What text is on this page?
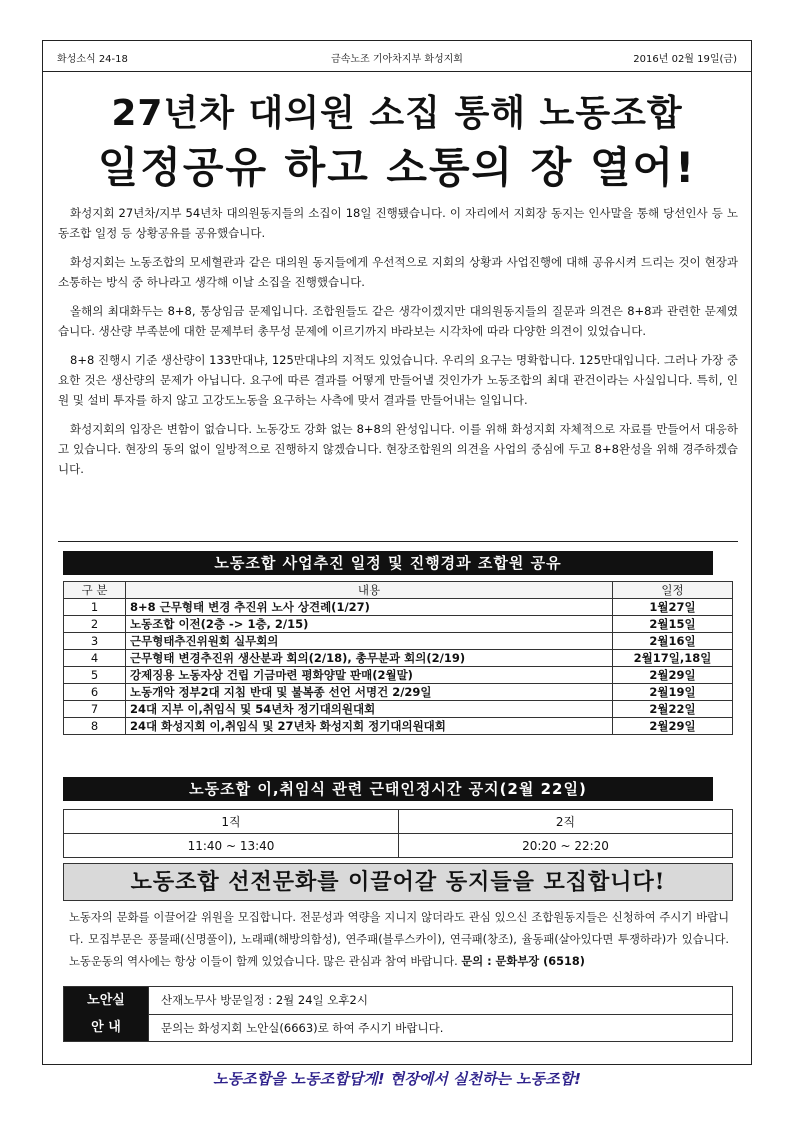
화성소식 24-18	금속노조 기아차지부 화성지회	2016년 02월 19일(금)
27년차 대의원 소집 통해 노동조합
일정공유 하고 소통의 장 열어!

화성지회 27년차/지부 54년차 대의원동지들의 소집이 18일 진행됐습니다. 이 자리에서 지회장 동지는 인사말을 통해 당선인사 등 노동조합 일정 등 상황공유를 공유했습니다.

화성지회는 노동조합의 모세혈관과 같은 대의원 동지들에게 우선적으로 지회의 상황과 사업진행에 대해 공유시켜 드리는 것이 현장과 소통하는 방식 중 하나라고 생각해 이날 소집을 진행했습니다.

올해의 최대화두는 8+8, 통상임금 문제입니다. 조합원들도 같은 생각이겠지만 대의원동지들의 질문과 의견은 8+8과 관련한 문제였습니다. 생산량 부족분에 대한 문제부터 총무성 문제에 이르기까지 바라보는 시각차에 따라 다양한 의견이 있었습니다.

8+8 진행시 기준 생산량이 133만대냐, 125만대냐의 지적도 있었습니다. 우리의 요구는 명확합니다. 125만대입니다. 그러나 가장 중요한 것은 생산량의 문제가 아닙니다. 요구에 따른 결과를 어떻게 만들어낼 것인가가 노동조합의 최대 관건이라는 사실입니다. 특히, 인원 및 설비 투자를 하지 않고 고강도노동을 요구하는 사측에 맞서 결과를 만들어내는 일입니다.

화성지회의 입장은 변함이 없습니다. 노동강도 강화 없는 8+8의 완성입니다. 이를 위해 화성지회 자체적으로 자료를 만들어서 대응하고 있습니다. 현장의 동의 없이 일방적으로 진행하지 않겠습니다. 현장조합원의 의견을 사업의 중심에 두고 8+8완성을 위해 경주하겠습니다.

노동조합 사업추진 일정 및 진행경과 조합원 공유
구 분	내용	일정
1	8+8 근무형태 변경 추진위 노사 상견례(1/27)	1월27일
2	노동조합 이전(2층 -> 1층, 2/15)	2월15일
3	근무형태추진위원회 실무회의	2월16일
4	근무형태 변경추진위 생산분과 회의(2/18), 총무분과 회의(2/19)	2월17일,18일
5	강제징용 노동자상 건립 기금마련 평화양말 판매(2월말)	2월29일
6	노동개악 정부2대 지침 반대 및 불복종 선언 서명건 2/29일	2월19일
7	24대 지부 이,취임식 및 54년차 정기대의원대회	2월22일
8	24대 화성지회 이,취임식 및 27년차 화성지회 정기대의원대회	2월29일
노동조합 이,취임식 관련 근태인정시간 공지(2월 22일)
1직	2직
11:40 ~ 13:40	20:20 ~ 22:20
노동조합 선전문화를 이끌어갈 동지들을 모집합니다!
노동자의 문화를 이끌어갈 위원을 모집합니다. 전문성과 역량을 지니지 않더라도 관심 있으신 조합원동지들은 신청하여 주시기 바랍니다. 모집부문은 풍물패(신명풀이), 노래패(해방의함성), 연주패(블루스카이), 연극패(창조), 율동패(살아있다면 투쟁하라)가 있습니다. 노동운동의 역사에는 항상 이들이 함께 있었습니다. 많은 관심과 참여 바랍니다. 문의 : 문화부장 (6518)
노안실
안 내
산재노무사 방문일정 : 2월 24일 오후2시
문의는 화성지회 노안실(6663)로 하여 주시기 바랍니다.
노동조합을 노동조합답게! 현장에서 실천하는 노동조합!
